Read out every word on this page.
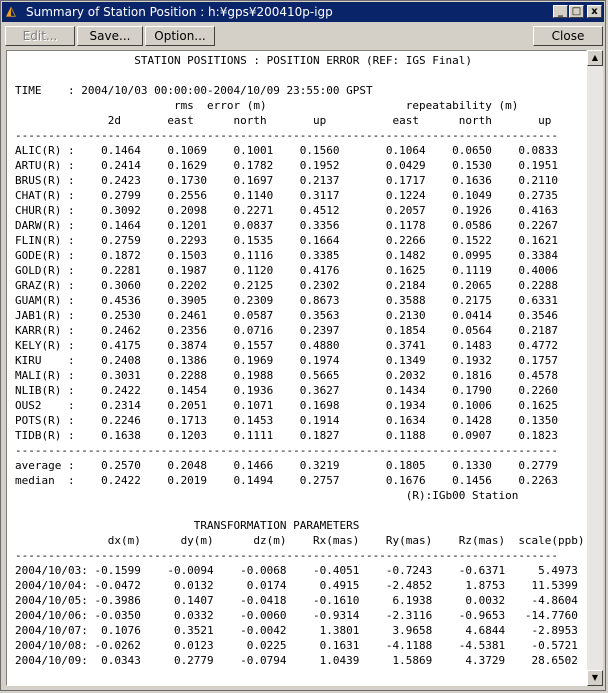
◭ Summary of Station Position : h:¥gps¥200410p-igp	_ □	x
Edit...	Save...	Option...	Close
STATION POSITIONS : POSITION ERROR (REF: IGS Final)

TIME    : 2004/10/03 00:00:00-2004/10/09 23:55:00 GPST
rms  error (m)                     repeatability (m)
2d       east      north       up          east      north       up
----------------------------------------------------------------------------------
ALIC(R) :    0.1464    0.1069    0.1001    0.1560       0.1064    0.0650    0.0833
ARTU(R) :    0.2414    0.1629    0.1782    0.1952       0.0429    0.1530    0.1951
BRUS(R) :    0.2423    0.1730    0.1697    0.2137       0.1717    0.1636    0.2110
CHAT(R) :    0.2799    0.2556    0.1140    0.3117       0.1224    0.1049    0.2735
CHUR(R) :    0.3092    0.2098    0.2271    0.4512       0.2057    0.1926    0.4163
DARW(R) :    0.1464    0.1201    0.0837    0.3356       0.1178    0.0586    0.2267
FLIN(R) :    0.2759    0.2293    0.1535    0.1664       0.2266    0.1522    0.1621
GODE(R) :    0.1872    0.1503    0.1116    0.3385       0.1482    0.0995    0.3384
GOLD(R) :    0.2281    0.1987    0.1120    0.4176       0.1625    0.1119    0.4006
GRAZ(R) :    0.3060    0.2202    0.2125    0.2302       0.2184    0.2065    0.2288
GUAM(R) :    0.4536    0.3905    0.2309    0.8673       0.3588    0.2175    0.6331
JAB1(R) :    0.2530    0.2461    0.0587    0.3563       0.2130    0.0414    0.3546
KARR(R) :    0.2462    0.2356    0.0716    0.2397       0.1854    0.0564    0.2187
KELY(R) :    0.4175    0.3874    0.1557    0.4880       0.3741    0.1483    0.4772
KIRU    :    0.2408    0.1386    0.1969    0.1974       0.1349    0.1932    0.1757
MALI(R) :    0.3031    0.2288    0.1988    0.5665       0.2032    0.1816    0.4578
NLIB(R) :    0.2422    0.1454    0.1936    0.3627       0.1434    0.1790    0.2260
OUS2    :    0.2314    0.2051    0.1071    0.1698       0.1934    0.1006    0.1625
POTS(R) :    0.2246    0.1713    0.1453    0.1914       0.1634    0.1428    0.1350
TIDB(R) :    0.1638    0.1203    0.1111    0.1827       0.1188    0.0907    0.1823
----------------------------------------------------------------------------------
average :    0.2570    0.2048    0.1466    0.3219       0.1805    0.1330    0.2779
median  :    0.2422    0.2019    0.1494    0.2757       0.1676    0.1456    0.2263
(R):IGb00 Station

TRANSFORMATION PARAMETERS
dx(m)      dy(m)      dz(m)    Rx(mas)    Ry(mas)    Rz(mas)  scale(ppb)
----------------------------------------------------------------------------------
2004/10/03: -0.1599    -0.0094    -0.0068    -0.4051    -0.7243    -0.6371     5.4973
2004/10/04: -0.0472     0.0132     0.0174     0.4915    -2.4852     1.8753    11.5399
2004/10/05: -0.3986     0.1407    -0.0418    -0.1610     6.1938     0.0032    -4.8604
2004/10/06: -0.0350     0.0332    -0.0060    -0.9314    -2.3116    -0.9653   -14.7760
2004/10/07:  0.1076     0.3521    -0.0042     1.3801     3.9658     4.6844    -2.8953
2004/10/08: -0.0262     0.0123     0.0225     0.1631    -4.1188    -4.5381    -0.5721
2004/10/09:  0.0343     0.2779    -0.0794     1.0439     1.5869     4.3729    28.6502

▲
▼
